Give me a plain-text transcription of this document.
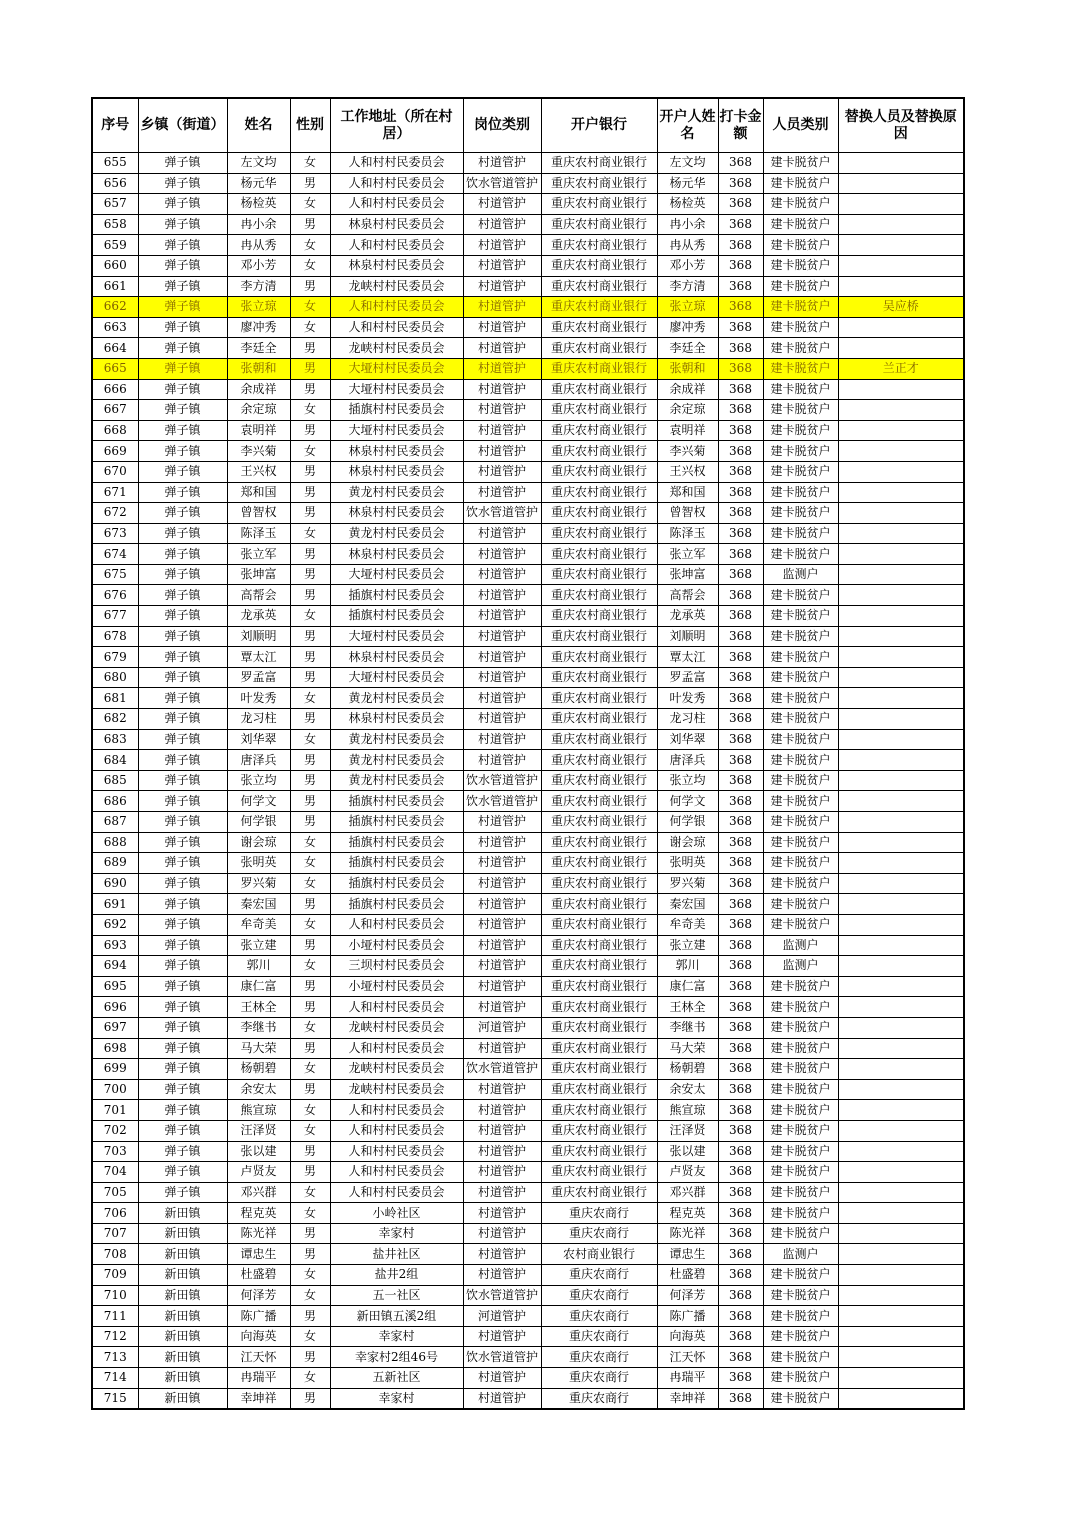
序号	乡镇（街道）	姓名	性别	工作地址（所在村居）	岗位类别	开户银行	开户人姓名	打卡金额	人员类别	替换人员及替换原因
655	弹子镇	左文均	女	人和村村民委员会	村道管护	重庆农村商业银行	左文均	368	建卡脱贫户	
656	弹子镇	杨元华	男	人和村村民委员会	饮水管道管护	重庆农村商业银行	杨元华	368	建卡脱贫户	
657	弹子镇	杨检英	女	人和村村民委员会	村道管护	重庆农村商业银行	杨检英	368	建卡脱贫户	
658	弹子镇	冉小余	男	林泉村村民委员会	村道管护	重庆农村商业银行	冉小余	368	建卡脱贫户	
659	弹子镇	冉从秀	女	人和村村民委员会	村道管护	重庆农村商业银行	冉从秀	368	建卡脱贫户	
660	弹子镇	邓小芳	女	林泉村村民委员会	村道管护	重庆农村商业银行	邓小芳	368	建卡脱贫户	
661	弹子镇	李方清	男	龙峡村村民委员会	村道管护	重庆农村商业银行	李方清	368	建卡脱贫户	
662	弹子镇	张立琼	女	人和村村民委员会	村道管护	重庆农村商业银行	张立琼	368	建卡脱贫户	吴应桥
663	弹子镇	廖冲秀	女	人和村村民委员会	村道管护	重庆农村商业银行	廖冲秀	368	建卡脱贫户	
664	弹子镇	李廷全	男	龙峡村村民委员会	村道管护	重庆农村商业银行	李廷全	368	建卡脱贫户	
665	弹子镇	张朝和	男	大垭村村民委员会	村道管护	重庆农村商业银行	张朝和	368	建卡脱贫户	兰正才
666	弹子镇	余成祥	男	大垭村村民委员会	村道管护	重庆农村商业银行	余成祥	368	建卡脱贫户	
667	弹子镇	余定琼	女	插旗村村民委员会	村道管护	重庆农村商业银行	余定琼	368	建卡脱贫户	
668	弹子镇	袁明祥	男	大垭村村民委员会	村道管护	重庆农村商业银行	袁明祥	368	建卡脱贫户	
669	弹子镇	李兴菊	女	林泉村村民委员会	村道管护	重庆农村商业银行	李兴菊	368	建卡脱贫户	
670	弹子镇	王兴权	男	林泉村村民委员会	村道管护	重庆农村商业银行	王兴权	368	建卡脱贫户	
671	弹子镇	郑和国	男	黄龙村村民委员会	村道管护	重庆农村商业银行	郑和国	368	建卡脱贫户	
672	弹子镇	曾智权	男	林泉村村民委员会	饮水管道管护	重庆农村商业银行	曾智权	368	建卡脱贫户	
673	弹子镇	陈泽玉	女	黄龙村村民委员会	村道管护	重庆农村商业银行	陈泽玉	368	建卡脱贫户	
674	弹子镇	张立军	男	林泉村村民委员会	村道管护	重庆农村商业银行	张立军	368	建卡脱贫户	
675	弹子镇	张坤富	男	大垭村村民委员会	村道管护	重庆农村商业银行	张坤富	368	监测户	
676	弹子镇	高帮会	男	插旗村村民委员会	村道管护	重庆农村商业银行	高帮会	368	建卡脱贫户	
677	弹子镇	龙承英	女	插旗村村民委员会	村道管护	重庆农村商业银行	龙承英	368	建卡脱贫户	
678	弹子镇	刘顺明	男	大垭村村民委员会	村道管护	重庆农村商业银行	刘顺明	368	建卡脱贫户	
679	弹子镇	覃太江	男	林泉村村民委员会	村道管护	重庆农村商业银行	覃太江	368	建卡脱贫户	
680	弹子镇	罗孟富	男	大垭村村民委员会	村道管护	重庆农村商业银行	罗孟富	368	建卡脱贫户	
681	弹子镇	叶发秀	女	黄龙村村民委员会	村道管护	重庆农村商业银行	叶发秀	368	建卡脱贫户	
682	弹子镇	龙习柱	男	林泉村村民委员会	村道管护	重庆农村商业银行	龙习柱	368	建卡脱贫户	
683	弹子镇	刘华翠	女	黄龙村村民委员会	村道管护	重庆农村商业银行	刘华翠	368	建卡脱贫户	
684	弹子镇	唐泽兵	男	黄龙村村民委员会	村道管护	重庆农村商业银行	唐泽兵	368	建卡脱贫户	
685	弹子镇	张立均	男	黄龙村村民委员会	饮水管道管护	重庆农村商业银行	张立均	368	建卡脱贫户	
686	弹子镇	何学文	男	插旗村村民委员会	饮水管道管护	重庆农村商业银行	何学文	368	建卡脱贫户	
687	弹子镇	何学银	男	插旗村村民委员会	村道管护	重庆农村商业银行	何学银	368	建卡脱贫户	
688	弹子镇	谢会琼	女	插旗村村民委员会	村道管护	重庆农村商业银行	谢会琼	368	建卡脱贫户	
689	弹子镇	张明英	女	插旗村村民委员会	村道管护	重庆农村商业银行	张明英	368	建卡脱贫户	
690	弹子镇	罗兴菊	女	插旗村村民委员会	村道管护	重庆农村商业银行	罗兴菊	368	建卡脱贫户	
691	弹子镇	秦宏国	男	插旗村村民委员会	村道管护	重庆农村商业银行	秦宏国	368	建卡脱贫户	
692	弹子镇	牟奇美	女	人和村村民委员会	村道管护	重庆农村商业银行	牟奇美	368	建卡脱贫户	
693	弹子镇	张立建	男	小垭村村民委员会	村道管护	重庆农村商业银行	张立建	368	监测户	
694	弹子镇	郭川	女	三坝村村民委员会	村道管护	重庆农村商业银行	郭川	368	监测户	
695	弹子镇	康仁富	男	小垭村村民委员会	村道管护	重庆农村商业银行	康仁富	368	建卡脱贫户	
696	弹子镇	王林全	男	人和村村民委员会	村道管护	重庆农村商业银行	王林全	368	建卡脱贫户	
697	弹子镇	李继书	女	龙峡村村民委员会	河道管护	重庆农村商业银行	李继书	368	建卡脱贫户	
698	弹子镇	马大荣	男	人和村村民委员会	村道管护	重庆农村商业银行	马大荣	368	建卡脱贫户	
699	弹子镇	杨朝碧	女	龙峡村村民委员会	饮水管道管护	重庆农村商业银行	杨朝碧	368	建卡脱贫户	
700	弹子镇	余安太	男	龙峡村村民委员会	村道管护	重庆农村商业银行	余安太	368	建卡脱贫户	
701	弹子镇	熊宣琼	女	人和村村民委员会	村道管护	重庆农村商业银行	熊宣琼	368	建卡脱贫户	
702	弹子镇	汪泽贤	女	人和村村民委员会	村道管护	重庆农村商业银行	汪泽贤	368	建卡脱贫户	
703	弹子镇	张以建	男	人和村村民委员会	村道管护	重庆农村商业银行	张以建	368	建卡脱贫户	
704	弹子镇	卢贤友	男	人和村村民委员会	村道管护	重庆农村商业银行	卢贤友	368	建卡脱贫户	
705	弹子镇	邓兴群	女	人和村村民委员会	村道管护	重庆农村商业银行	邓兴群	368	建卡脱贫户	
706	新田镇	程克英	女	小岭社区	村道管护	重庆农商行	程克英	368	建卡脱贫户	
707	新田镇	陈光祥	男	幸家村	村道管护	重庆农商行	陈光祥	368	建卡脱贫户	
708	新田镇	谭忠生	男	盐井社区	村道管护	农村商业银行	谭忠生	368	监测户	
709	新田镇	杜盛碧	女	盐井2组	村道管护	重庆农商行	杜盛碧	368	建卡脱贫户	
710	新田镇	何泽芳	女	五一社区	饮水管道管护	重庆农商行	何泽芳	368	建卡脱贫户	
711	新田镇	陈广播	男	新田镇五溪2组	河道管护	重庆农商行	陈广播	368	建卡脱贫户	
712	新田镇	向海英	女	幸家村	村道管护	重庆农商行	向海英	368	建卡脱贫户	
713	新田镇	江天怀	男	幸家村2组46号	饮水管道管护	重庆农商行	江天怀	368	建卡脱贫户	
714	新田镇	冉瑞平	女	五新社区	村道管护	重庆农商行	冉瑞平	368	建卡脱贫户	
715	新田镇	幸坤祥	男	幸家村	村道管护	重庆农商行	幸坤祥	368	建卡脱贫户	
